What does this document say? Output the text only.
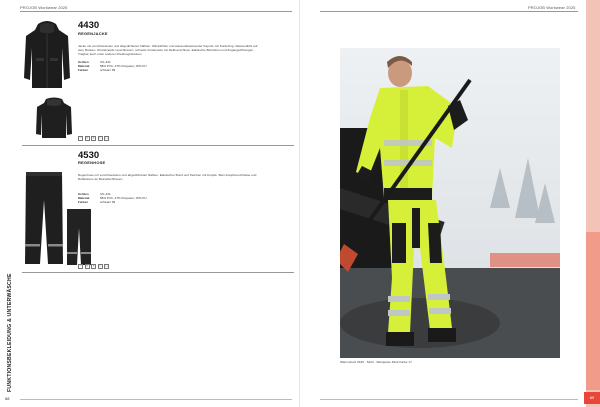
PROJOB Workwear 2025
4430
REGENJACKE
Jacke mit verschweissten und abgedichteten Nähten. Winddichter und wasserabweisender Kapuze mit Kordelzug. Wasserdicht auf dem Rücken. Druckknöpfe verschlossen, schnelle Vorderseite mit Reißverschluss. Elastische Bündchen und Zugangsöffnungen. Tragbar auch unter anderen Kleidungsstücken.
Größen	XS–4XL
Material	58% PVC, 27% Polyester, 15% PU
Farben	schwarz 99
~	×	×	○	□
4530
REGENHOSE
Regenhose mit verschweissten und abgedichteten Nähten. Elastischer Bund und Taschen mit Knopfe. Bein-Knopfverschlüsse und Reflektoren an Beinabschlüssen.
Größen	XS–4XL
Material	58% PVC, 27% Polyester, 15% PU
Farben	schwarz 99
~	×	×	○	□
FUNKTIONSBEKLEIDUNG & UNTERWÄSCHE
68
PROJOB Workwear 2025
Warnschutz 6436 · 6443 · Warnjacke 6412 Farbe 17
69
